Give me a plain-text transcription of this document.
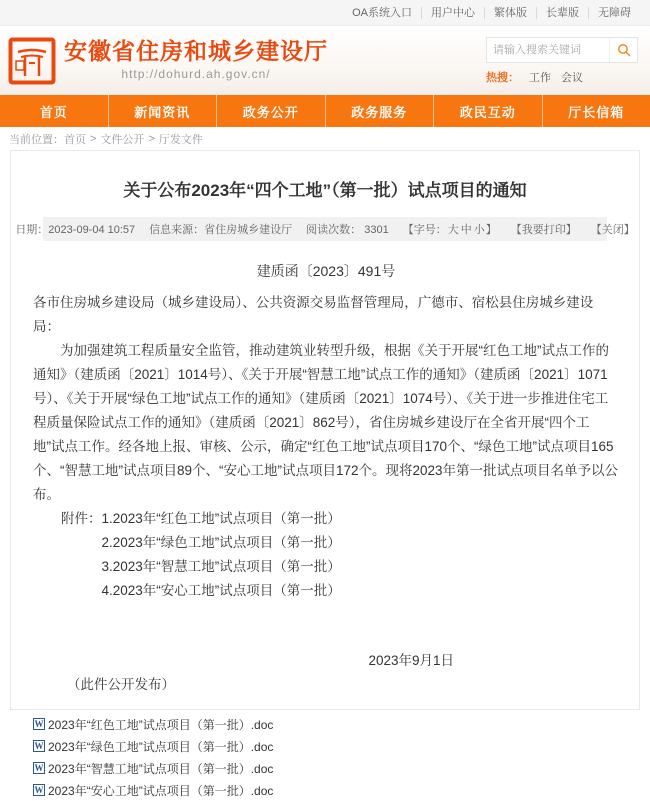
OA系统入口	用户中心	繁体版	长辈版	无障碍
安徽省住房和城乡建设厅
http://dohurd.ah.gov.cn/
请输入搜索关键词	热搜： 工作 会议
首页	新闻资讯	政务公开	政务服务	政民互动	厅长信箱
当前位置： 首页 > 文件公开 > 厅发文件
关于公布2023年“四个工地”（第一批）试点项目的通知
日期：2023-09-04 10:57 信息来源：省住房城乡建设厅 阅读次数： 3301 【字号：大 中 小】 【我要打印】 【关闭】
建质函〔2023〕491号
各市住房城乡建设局（城乡建设局）、公共资源交易监督管理局，广德市、宿松县住房城乡建设局：
为加强建筑工程质量安全监管，推动建筑业转型升级，根据《关于开展“红色工地”试点工作的通知》（建质函〔2021〕1014号）、《关于开展“智慧工地”试点工作的通知》（建质函〔2021〕1071号）、《关于开展“绿色工地”试点工作的通知》（建质函〔2021〕1074号）、《关于进一步推进住宅工程质量保险试点工作的通知》（建质函〔2021〕862号），省住房城乡建设厅在全省开展“四个工地”试点工作。经各地上报、审核、公示，确定“红色工地”试点项目170个、“绿色工地”试点项目165个、“智慧工地”试点项目89个、“安心工地”试点项目172个。现将2023年第一批试点项目名单予以公布。
附件： 1.2023年“红色工地”试点项目（第一批）
2.2023年“绿色工地”试点项目（第一批）
3.2023年“智慧工地”试点项目（第一批）
4.2023年“安心工地”试点项目（第一批）
2023年9月1日
（此件公开发布）
W 2023年“红色工地”试点项目（第一批）.doc
W 2023年“绿色工地”试点项目（第一批）.doc
W 2023年“智慧工地”试点项目（第一批）.doc
W 2023年“安心工地”试点项目（第一批）.doc
